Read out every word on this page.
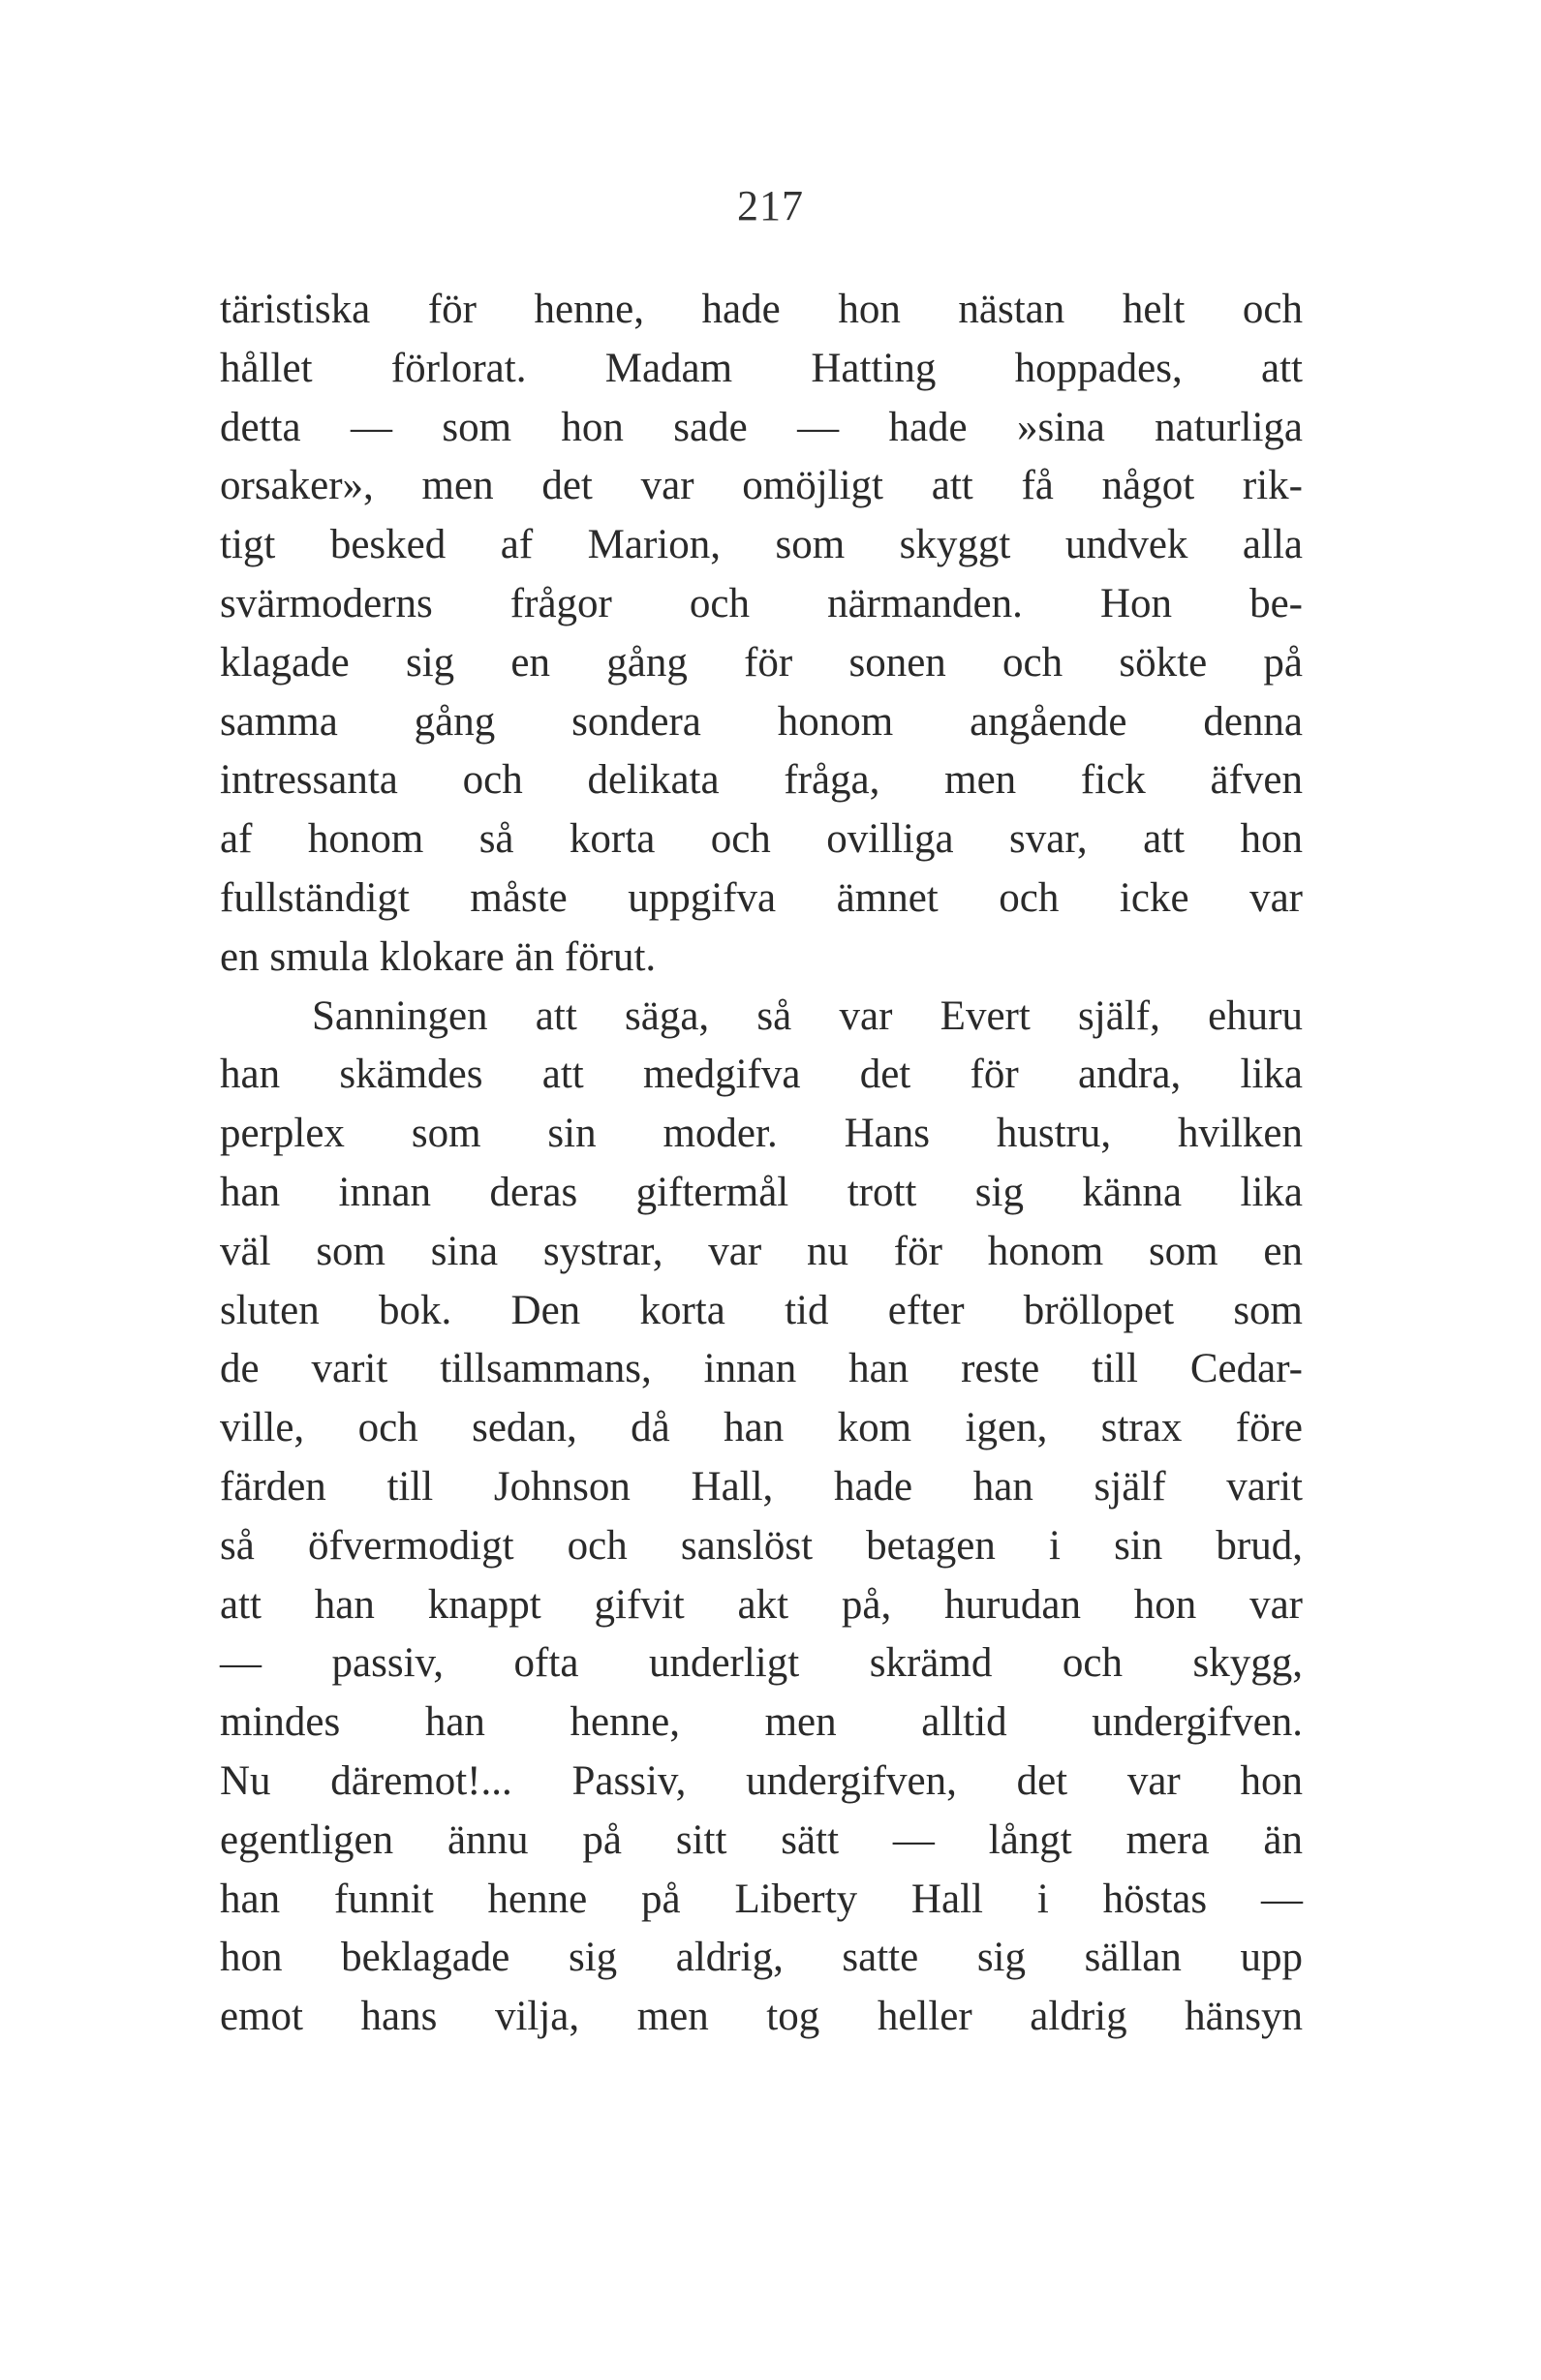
217
täristiska för henne, hade hon nästan helt och
hållet förlorat. Madam Hatting hoppades, att
detta — som hon sade — hade »sina naturliga
orsaker», men det var omöjligt att få något rik-
tigt besked af Marion, som skyggt undvek alla
svärmoderns frågor och närmanden. Hon be-
klagade sig en gång för sonen och sökte på
samma gång sondera honom angående denna
intressanta och delikata fråga, men fick äfven
af honom så korta och ovilliga svar, att hon
fullständigt måste uppgifva ämnet och icke var
en smula klokare än förut.
Sanningen att säga, så var Evert själf, ehuru
han skämdes att medgifva det för andra, lika
perplex som sin moder. Hans hustru, hvilken
han innan deras giftermål trott sig känna lika
väl som sina systrar, var nu för honom som en
sluten bok. Den korta tid efter bröllopet som
de varit tillsammans, innan han reste till Cedar-
ville, och sedan, då han kom igen, strax före
färden till Johnson Hall, hade han själf varit
så öfvermodigt och sanslöst betagen i sin brud,
att han knappt gifvit akt på, hurudan hon var
— passiv, ofta underligt skrämd och skygg,
mindes han henne, men alltid undergifven.
Nu däremot!... Passiv, undergifven, det var hon
egentligen ännu på sitt sätt — långt mera än
han funnit henne på Liberty Hall i höstas —
hon beklagade sig aldrig, satte sig sällan upp
emot hans vilja, men tog heller aldrig hänsyn
